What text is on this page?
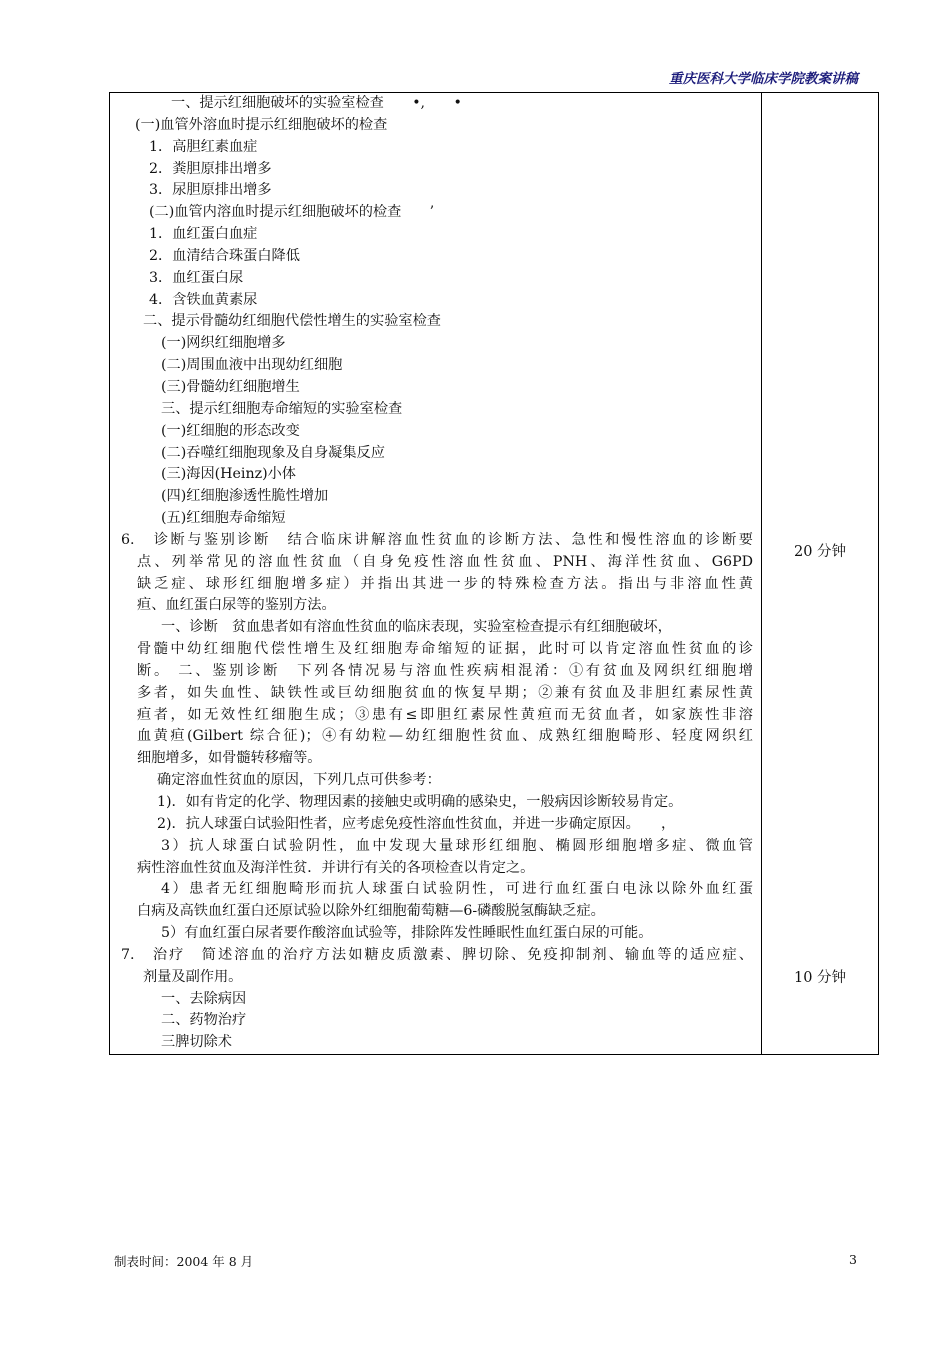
重庆医科大学临床学院教案讲稿
一、提示红细胞破坏的实验室检查　　•,　　•
(一)血管外溶血时提示红细胞破坏的检查
1．高胆红素血症
2．粪胆原排出增多
3．尿胆原排出增多
(二)血管内溶血时提示红细胞破坏的检查　　’
1．血红蛋白血症
2．血清结合珠蛋白降低
3．血红蛋白尿
4．含铁血黄素尿
二、提示骨髓幼红细胞代偿性增生的实验室检查
(一)网织红细胞增多
(二)周围血液中出现幼红细胞
(三)骨髓幼红细胞增生
三、提示红细胞寿命缩短的实验室检查
(一)红细胞的形态改变
(二)吞噬红细胞现象及自身凝集反应
(三)海因(Heinz)小体
(四)红细胞渗透性脆性增加
(五)红细胞寿命缩短
6.　诊断与鉴别诊断　结合临床讲解溶血性贫血的诊断方法、急性和慢性溶血的诊断要
点、列举常见的溶血性贫血（自身免疫性溶血性贫血、PNH、海洋性贫血、G6PD
缺乏症、球形红细胞增多症）并指出其进一步的特殊检查方法。指出与非溶血性黄
疸、血红蛋白尿等的鉴别方法。
一、诊断　贫血患者如有溶血性贫血的临床表现，实验室检查提示有红细胞破坏，
骨髓中幼红细胞代偿性增生及红细胞寿命缩短的证据，此时可以肯定溶血性贫血的诊
断。 二、鉴别诊断　下列各情况易与溶血性疾病相混淆：①有贫血及网织红细胞增
多者，如失血性、缺铁性或巨幼细胞贫血的恢复早期；②兼有贫血及非胆红素尿性黄
疸者，如无效性红细胞生成；③患有≤即胆红素尿性黄疸而无贫血者，如家族性非溶
血黄疸(Gilbert 综合征)；④有幼粒—幼红细胞性贫血、成熟红细胞畸形、轻度网织红
细胞增多，如骨髓转移瘤等。
确定溶血性贫血的原因，下列几点可供参考：
1)．如有肯定的化学、物理因素的接触史或明确的感染史，一般病因诊断较易肯定。
2)．抗人球蛋白试验阳性者，应考虑免疫性溶血性贫血，并进一步确定原因。　　，
3）抗人球蛋白试验阴性，血中发现大量球形红细胞、椭圆形细胞增多症、微血管
病性溶血性贫血及海洋性贫．并讲行有关的各项检查以肯定之。
4）患者无红细胞畸形而抗人球蛋白试验阴性，可进行血红蛋白电泳以除外血红蛋
白病及高铁血红蛋白还原试验以除外红细胞葡萄糖—6-磷酸脱氢酶缺乏症。
5）有血红蛋白尿者要作酸溶血试验等，排除阵发性睡眠性血红蛋白尿的可能。
7.　治疗　简述溶血的治疗方法如糖皮质激素、脾切除、免疫抑制剂、输血等的适应症、
剂量及副作用。
一、去除病因
二、药物治疗
三脾切除术
20 分钟
10 分钟
制表时间：2004 年 8 月	3
